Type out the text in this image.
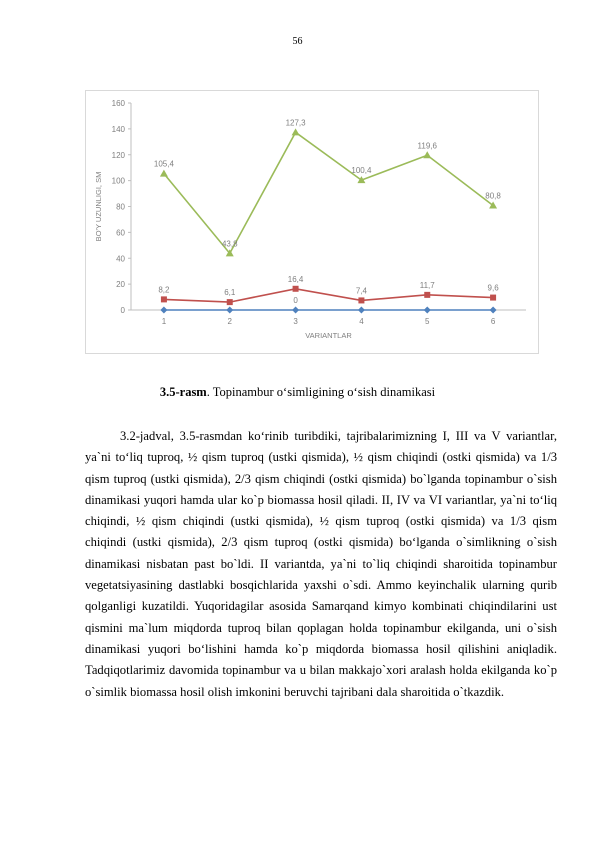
56
0
20
40
60
80
100
120
140
160
1	2	3	4	5	6
VARIANTLAR
BO'Y UZUNLIGI, SM
0
8,2	6,1
16,4
7,4
11,7	9,6
105,4
43,8
127,3
100,4
119,6
80,8
3.5-rasm. Topinambur o‘simligining o‘sish dinamikasi

3.2-jadval, 3.5-rasmdan ko‘rinib turibdiki, tajribalarimizning I, III va V variantlar, ya`ni to‘liq tuproq, ½ qism tuproq (ustki qismida), ½ qism chiqindi (ostki qismida) va 1/3 qism tuproq (ustki qismida), 2/3 qism chiqindi (ostki qismida) bo`lganda topinambur o`sish dinamikasi yuqori hamda ular ko`p biomassa hosil qiladi. II, IV va VI variantlar, ya`ni to‘liq chiqindi, ½ qism chiqindi (ustki qismida), ½ qism tuproq (ostki qismida) va 1/3 qism chiqindi (ustki qismida), 2/3 qism tuproq (ostki qismida) bo‘lganda o`simlikning o`sish dinamikasi nisbatan past bo`ldi. II variantda, ya`ni to`liq chiqindi sharoitida topinambur vegetatsiyasining dastlabki bosqichlarida yaxshi o`sdi. Ammo keyinchalik ularning qurib qolganligi kuzatildi. Yuqoridagilar asosida Samarqand kimyo kombinati chiqindilarini ust qismini ma`lum miqdorda tuproq bilan qoplagan holda topinambur ekilganda, uni o`sish dinamikasi yuqori bo‘lishini hamda ko`p miqdorda biomassa hosil qilishini aniqladik. Tadqiqotlarimiz davomida topinambur va u bilan makkajo`xori aralash holda ekilganda ko`p o`simlik biomassa hosil olish imkonini beruvchi tajribani dala sharoitida o`tkazdik.
